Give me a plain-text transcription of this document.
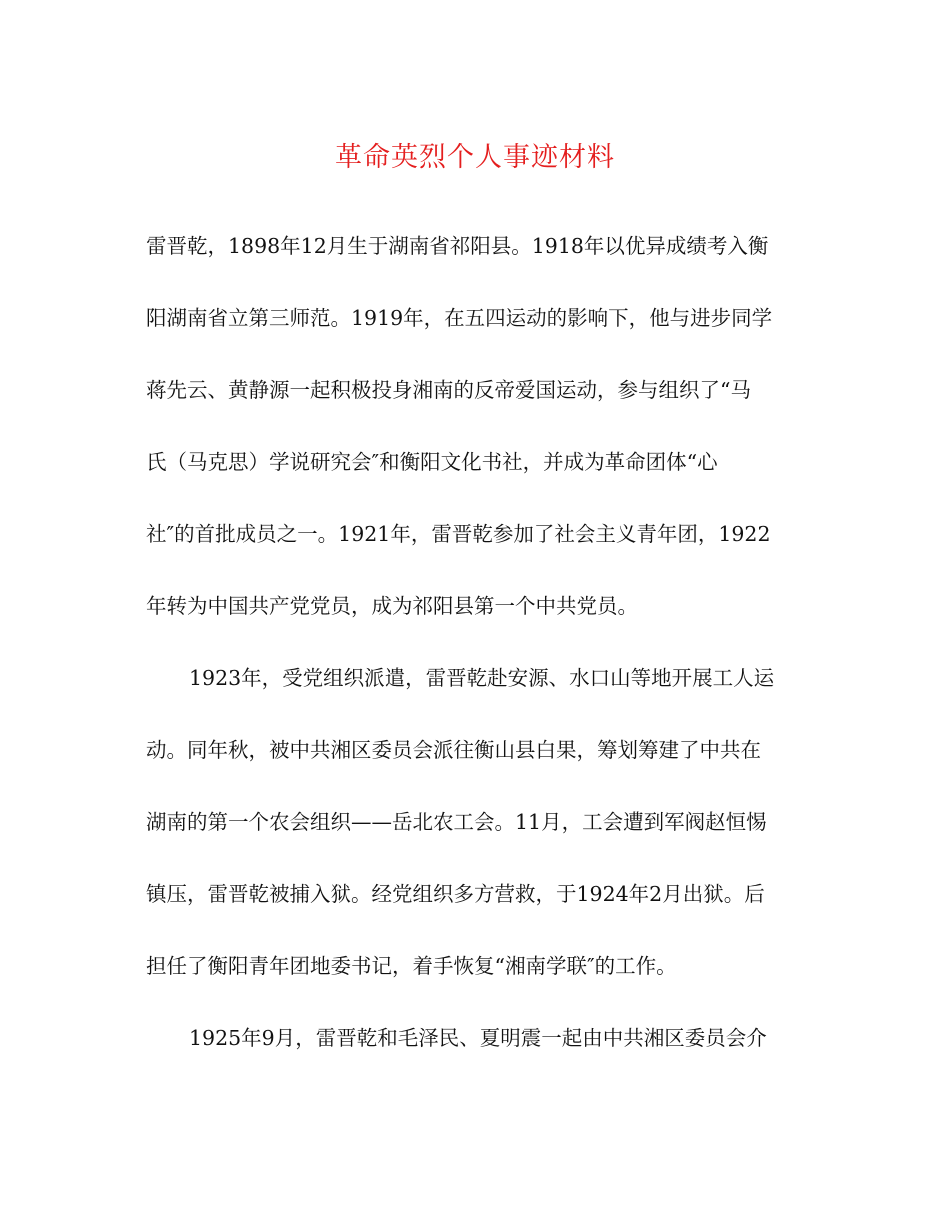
革命英烈个人事迹材料
雷晋乾，1898年12月生于湖南省祁阳县。1918年以优异成绩考入衡
阳湖南省立第三师范。1919年，在五四运动的影响下，他与进步同学
蒋先云、黄静源一起积极投身湘南的反帝爱国运动，参与组织了“马
氏（马克思）学说研究会″和衡阳文化书社，并成为革命团体“心
社″的首批成员之一。1921年，雷晋乾参加了社会主义青年团，1922
年转为中国共产党党员，成为祁阳县第一个中共党员。
1923年，受党组织派遣，雷晋乾赴安源、水口山等地开展工人运
动。同年秋，被中共湘区委员会派往衡山县白果，筹划筹建了中共在
湖南的第一个农会组织——岳北农工会。11月，工会遭到军阀赵恒惕
镇压，雷晋乾被捕入狱。经党组织多方营救，于1924年2月出狱。后
担任了衡阳青年团地委书记，着手恢复“湘南学联″的工作。
1925年9月，雷晋乾和毛泽民、夏明震一起由中共湘区委员会介
